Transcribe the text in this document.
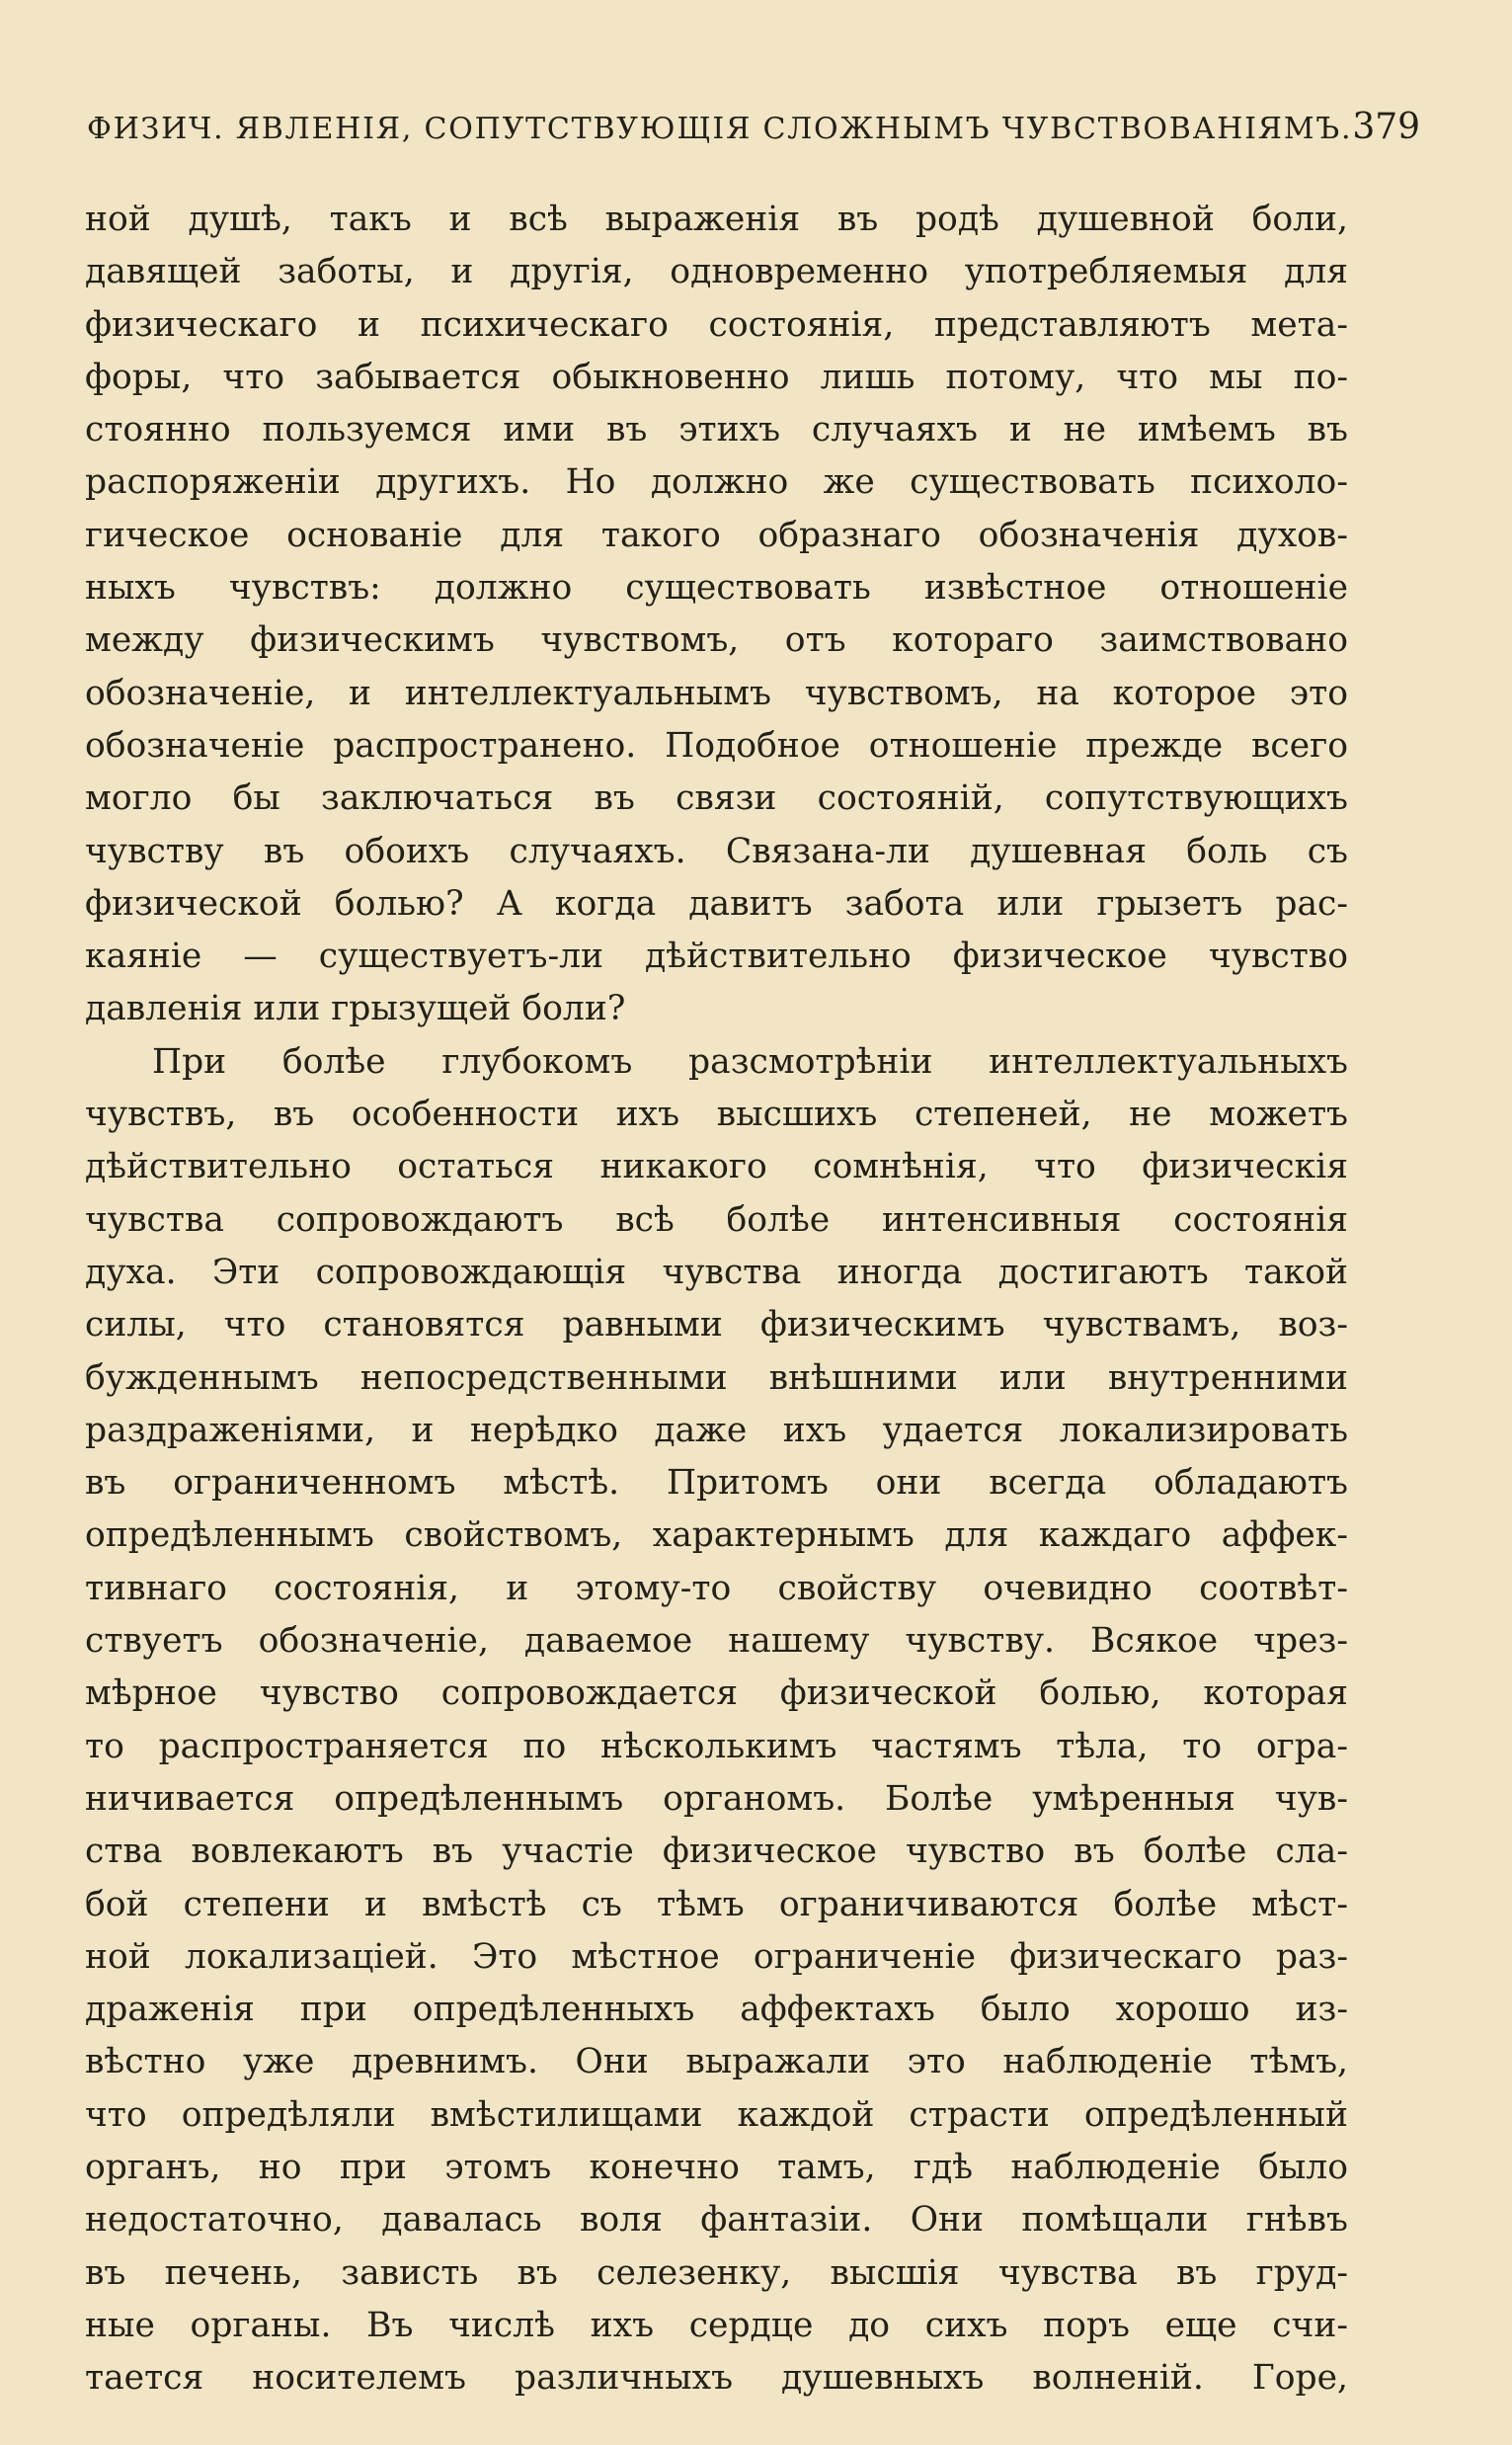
ФИЗИЧ. ЯВЛЕНІЯ, СОПУТСТВУЮЩІЯ СЛОЖНЫМЪ ЧУВСТВОВАНІЯМЪ. 379
ной душѣ, такъ и всѣ выраженія въ родѣ душевной боли,
давящей заботы, и другія, одновременно употребляемыя для
физическаго и психическаго состоянія, представляютъ мета-
форы, что забывается обыкновенно лишь потому, что мы по-
стоянно пользуемся ими въ этихъ случаяхъ и не имѣемъ въ
распоряженіи другихъ. Но должно же существовать психоло-
гическое основаніе для такого образнаго обозначенія духов-
ныхъ чувствъ: должно существовать извѣстное отношеніе
между физическимъ чувствомъ, отъ котораго заимствовано
обозначеніе, и интеллектуальнымъ чувствомъ, на которое это
обозначеніе распространено. Подобное отношеніе прежде всего
могло бы заключаться въ связи состояній, сопутствующихъ
чувству въ обоихъ случаяхъ. Связана-ли душевная боль съ
физической болью? А когда давитъ забота или грызетъ рас-
каяніе — существуетъ-ли дѣйствительно физическое чувство
давленія или грызущей боли?
При болѣе глубокомъ разсмотрѣніи интеллектуальныхъ
чувствъ, въ особенности ихъ высшихъ степеней, не можетъ
дѣйствительно остаться никакого сомнѣнія, что физическія
чувства сопровождаютъ всѣ болѣе интенсивныя состоянія
духа. Эти сопровождающія чувства иногда достигаютъ такой
силы, что становятся равными физическимъ чувствамъ, воз-
бужденнымъ непосредственными внѣшними или внутренними
раздраженіями, и нерѣдко даже ихъ удается локализировать
въ ограниченномъ мѣстѣ. Притомъ они всегда обладаютъ
опредѣленнымъ свойствомъ, характернымъ для каждаго аффек-
тивнаго состоянія, и этому-то свойству очевидно соотвѣт-
ствуетъ обозначеніе, даваемое нашему чувству. Всякое чрез-
мѣрное чувство сопровождается физической болью, которая
то распространяется по нѣсколькимъ частямъ тѣла, то огра-
ничивается опредѣленнымъ органомъ. Болѣе умѣренныя чув-
ства вовлекаютъ въ участіе физическое чувство въ болѣе сла-
бой степени и вмѣстѣ съ тѣмъ ограничиваются болѣе мѣст-
ной локализацiей. Это мѣстное ограниченіе физическаго раз-
драженія при опредѣленныхъ аффектахъ было хорошо из-
вѣстно уже древнимъ. Они выражали это наблюденіе тѣмъ,
что опредѣляли вмѣстилищами каждой страсти опредѣленный
органъ, но при этомъ конечно тамъ, гдѣ наблюденіе было
недостаточно, давалась воля фантазіи. Они помѣщали гнѣвъ
въ печень, зависть въ селезенку, высшія чувства въ груд-
ные органы. Въ числѣ ихъ сердце до сихъ поръ еще счи-
тается носителемъ различныхъ душевныхъ волненій. Горе,
